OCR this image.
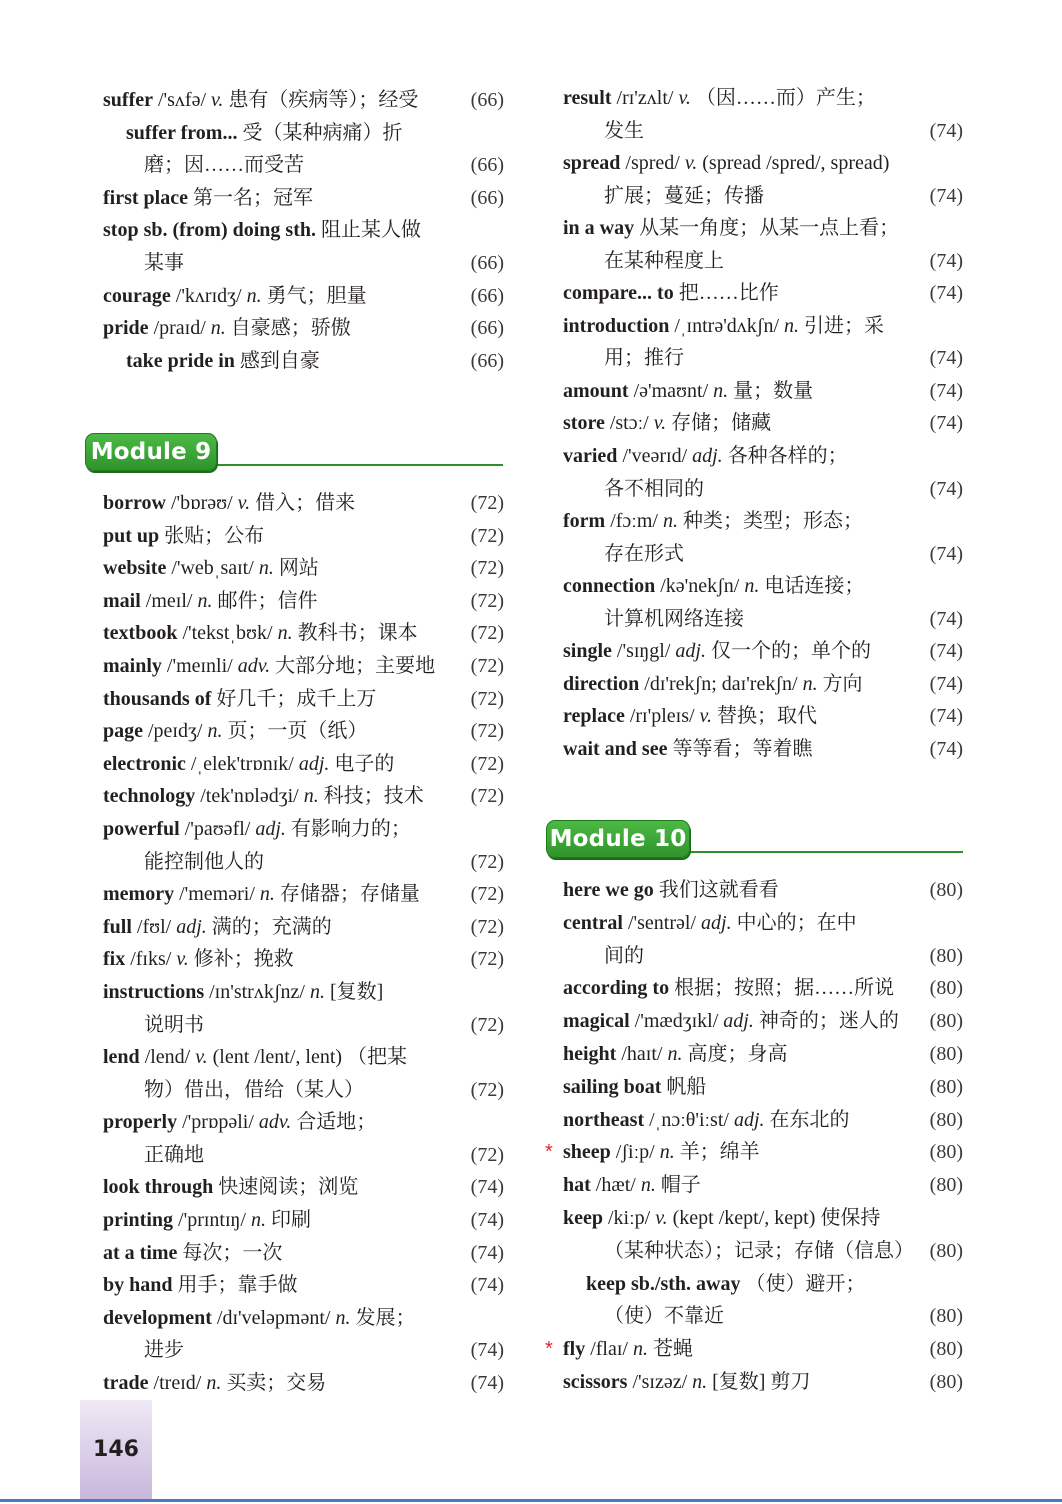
146
suffer /'sʌfə/ v. 患有（疾病等）；经受	(66)
suffer from... 受（某种病痛）折
磨；因……而受苦	(66)
first place 第一名；冠军	(66)
stop sb. (from) doing sth. 阻止某人做
某事	(66)
courage /'kʌrɪdʒ/ n. 勇气；胆量	(66)
pride /praɪd/ n. 自豪感；骄傲	(66)
take pride in 感到自豪	(66)
Module 9
borrow /'bɒrəʊ/ v. 借入；借来	(72)
put up 张贴；公布	(72)
website /'webˌsaɪt/ n. 网站	(72)
mail /meɪl/ n. 邮件；信件	(72)
textbook /'tekstˌbʊk/ n. 教科书；课本	(72)
mainly /'meɪnli/ adv. 大部分地；主要地	(72)
thousands of 好几千；成千上万	(72)
page /peɪdʒ/ n. 页；一页（纸）	(72)
electronic /ˌelek'trɒnɪk/ adj. 电子的	(72)
technology /tek'nɒlədʒi/ n. 科技；技术	(72)
powerful /'paʊəfl/ adj. 有影响力的；
能控制他人的	(72)
memory /'meməri/ n. 存储器；存储量	(72)
full /fʊl/ adj. 满的；充满的	(72)
fix /fɪks/ v. 修补；挽救	(72)
instructions /ɪn'strʌkʃnz/ n. [复数]
说明书	(72)
lend /lend/ v. (lent /lent/, lent) （把某
物）借出，借给（某人）	(72)
properly /'prɒpəli/ adv. 合适地；
正确地	(72)
look through 快速阅读；浏览	(74)
printing /'prɪntɪŋ/ n. 印刷	(74)
at a time 每次；一次	(74)
by hand 用手；靠手做	(74)
development /dɪ'veləpmənt/ n. 发展；
进步	(74)
trade /treɪd/ n. 买卖；交易	(74)
result /rɪ'zʌlt/ v. （因……而）产生；
发生	(74)
spread /spred/ v. (spread /spred/, spread)
扩展；蔓延；传播	(74)
in a way 从某一角度；从某一点上看；
在某种程度上	(74)
compare... to 把……比作	(74)
introduction /ˌɪntrə'dʌkʃn/ n. 引进；采
用；推行	(74)
amount /ə'maʊnt/ n. 量；数量	(74)
store /stɔː/ v. 存储；储藏	(74)
varied /'veərɪd/ adj. 各种各样的；
各不相同的	(74)
form /fɔːm/ n. 种类；类型；形态；
存在形式	(74)
connection /kə'nekʃn/ n. 电话连接；
计算机网络连接	(74)
single /'sɪŋgl/ adj. 仅一个的；单个的	(74)
direction /dɪ'rekʃn; daɪ'rekʃn/ n. 方向	(74)
replace /rɪ'pleɪs/ v. 替换；取代	(74)
wait and see 等等看；等着瞧	(74)
Module 10
here we go 我们这就看看	(80)
central /'sentrəl/ adj. 中心的；在中
间的	(80)
according to 根据；按照；据……所说	(80)
magical /'mædʒɪkl/ adj. 神奇的；迷人的	(80)
height /haɪt/ n. 高度；身高	(80)
sailing boat 帆船	(80)
northeast /ˌnɔːθ'iːst/ adj. 在东北的	(80)
* sheep /ʃiːp/ n. 羊；绵羊	(80)
hat /hæt/ n. 帽子	(80)
keep /kiːp/ v. (kept /kept/, kept) 使保持
（某种状态）；记录；存储（信息） (80)
keep sb./sth. away （使）避开；
（使）不靠近	(80)
* fly /flaɪ/ n. 苍蝇	(80)
scissors /'sɪzəz/ n. [复数] 剪刀	(80)
